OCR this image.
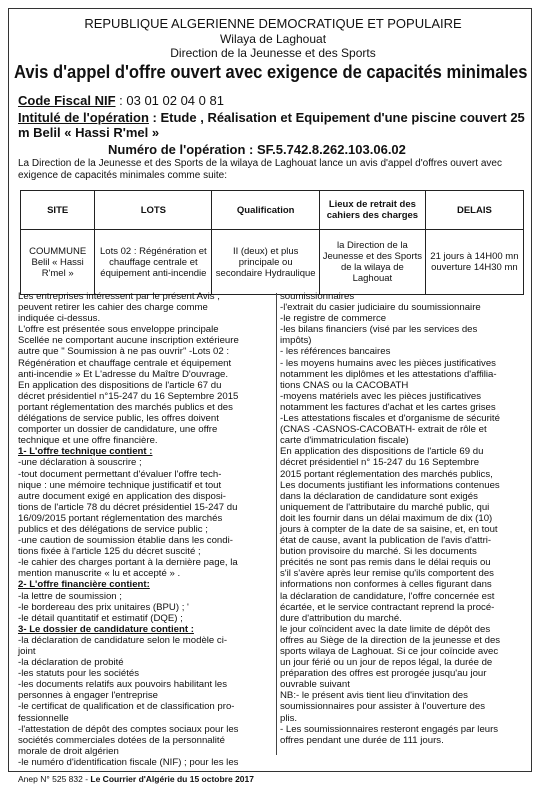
REPUBLIQUE ALGERIENNE DEMOCRATIQUE ET POPULAIRE
Wilaya de Laghouat
Direction de la Jeunesse et des Sports
Avis d'appel d'offre ouvert avec exigence de capacités minimales
Code Fiscal NIF : 03 01 02 04 0 81
Intitulé de l'opération : Etude , Réalisation et Equipement d'une piscine couvert 25 m Belil « Hassi R'mel »
Numéro de l'opération : SF.5.742.8.262.103.06.02
La Direction de la Jeunesse et des Sports de la wilaya de Laghouat lance un avis d'appel d'offres ouvert avec exigence de capacités minimales comme suite:
SITE	LOTS	Qualification	Lieux de retrait des cahiers des charges	DELAIS
COUMMUNE Belil « Hassi R'mel »	Lots 02 : Régénération et chauffage centrale et équipement anti-incendie	II (deux) et plus principale ou secondaire Hydraulique	la Direction de la Jeunesse et des Sports de la wilaya de Laghouat	21 jours à 14H00 mn ouverture 14H30 mn
Les entreprises intéressent par le présent Avis ,
peuvent retirer les cahier des charge comme
indiquée ci-dessus.
L'offre est présentée sous enveloppe principale
Scellée ne comportant aucune inscription extérieure
autre que " Soumission à ne pas ouvrir" -Lots 02 :
Régénération et chauffage centrale et équipement
anti-incendie » Et L'adresse du Maître D'ouvrage.
En application des dispositions de l'article 67 du
décret présidentiel n°15-247 du 16 Septembre 2015
portant réglementation des marchés publics et des
délégations de service public, les offres doivent
comporter un dossier de candidature, une offre
technique et une offre financière.
1- L'offre technique contient :
-une déclaration à souscrire ;
-tout document permettant d'évaluer l'offre tech-
nique : une mémoire technique justificatif et tout
autre document exigé en application des disposi-
tions de l'article 78 du décret présidentiel 15-247 du
16/09/2015 portant réglementation des marchés
publics et des délégations de service public ;
-une caution de soumission établie dans les condi-
tions fixée à l'article 125 du décret suscité ;
-le cahier des charges portant à la dernière page, la
mention manuscrite « lu et accepté » .
2- L'offre financière contient:
-la lettre de soumission ;
-le bordereau des prix unitaires (BPU) ; '
-le détail quantitatif et estimatif (DQE) ;
3- Le dossier de candidature contient :
-la déclaration de candidature selon le modèle ci-
joint
-la déclaration de probité
-les statuts pour les sociétés
-les documents relatifs aux pouvoirs habilitant les
personnes à engager l'entreprise
-le certificat de qualification et de classification pro-
fessionnelle
-l'attestation de dépôt des comptes sociaux pour les
sociétés commerciales dotées de la personnalité
morale de droit algérien
-le numéro d'identification fiscale (NIF) ; pour les les
soumissionnaires
-l'extrait du casier judiciaire du soumissionnaire
-le registre de commerce
-les bilans financiers (visé par les services des
impôts)
- les références bancaires
- les moyens humains avec les pièces justificatives
notamment les diplômes et les attestations d'affilia-
tions CNAS ou la CACOBATH
-moyens matériels avec les pièces justificatives
notamment les factures d'achat et les cartes grises
-Les attestations fiscales et d'organisme de sécurité
(CNAS -CASNOS-CACOBATH- extrait de rôle et
carte d'immatriculation fiscale)
En application des dispositions de l'article 69 du
décret présidentiel n° 15-247 du 16 Septembre
2015 portant réglementation des marchés publics,
Les documents justifiant les informations contenues
dans la déclaration de candidature sont exigés
uniquement de l'attributaire du marché public, qui
doit les fournir dans un délai maximum de dix (10)
jours à compter de la date de sa saisine, et, en tout
état de cause, avant la publication de l'avis d'attri-
bution provisoire du marché. Si les documents
précités ne sont pas remis dans le délai requis ou
s'il s'avère après leur remise qu'ils comportent des
informations non conformes à celles figurant dans
la déclaration de candidature, l'offre concernée est
écartée, et le service contractant reprend la procé-
dure d'attribution du marché.
le jour coïncident avec la date limite de dépôt des
offres au Siège de la direction de la jeunesse et des
sports wilaya de Laghouat. Si ce jour coïncide avec
un jour férié ou un jour de repos légal, la durée de
préparation des offres est prorogée jusqu'au jour
ouvrable suivant
NB:- le présent avis tient lieu d'invitation des
soumissionnaires pour assister à l'ouverture des
plis.
- Les soumissionnaires resteront engagés par leurs
offres pendant une durée de 111 jours.
Anep N° 525 832 - Le Courrier d'Algérie du 15 octobre 2017
